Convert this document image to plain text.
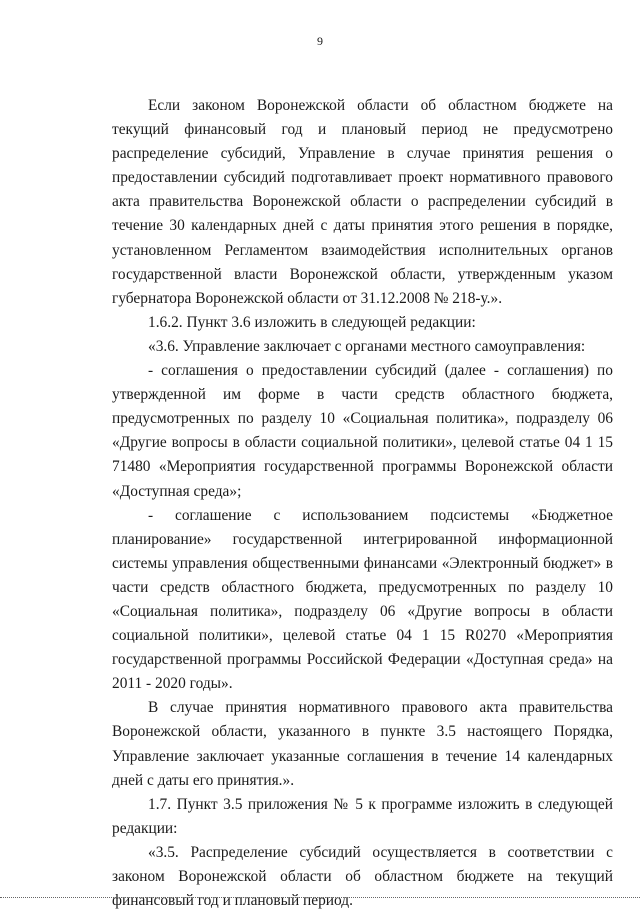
9

Если законом Воронежской области об областном бюджете на текущий финансовый год и плановый период не предусмотрено распределение субсидий, Управление в случае принятия решения о предоставлении субсидий подготавливает проект нормативного правового акта правительства Воронежской области о распределении субсидий в течение 30 календарных дней с даты принятия этого решения в порядке, установленном Регламентом взаимодействия исполнительных органов государственной власти Воронежской области, утвержденным указом губернатора Воронежской области от 31.12.2008 № 218-у.».

1.6.2. Пункт 3.6 изложить в следующей редакции:

«3.6. Управление заключает с органами местного самоуправления:

- соглашения о предоставлении субсидий (далее - соглашения) по утвержденной им форме в части средств областного бюджета, предусмотренных по разделу 10 «Социальная политика», подразделу 06 «Другие вопросы в области социальной политики», целевой статье 04 1 15 71480 «Мероприятия государственной программы Воронежской области «Доступная среда»;

- соглашение с использованием подсистемы «Бюджетное планирование» государственной интегрированной информационной системы управления общественными финансами «Электронный бюджет» в части средств областного бюджета, предусмотренных по разделу 10 «Социальная политика», подразделу 06 «Другие вопросы в области социальной политики», целевой статье 04 1 15 R0270 «Мероприятия государственной программы Российской Федерации «Доступная среда» на 2011 - 2020 годы».

В случае принятия нормативного правового акта правительства Воронежской области, указанного в пункте 3.5 настоящего Порядка, Управление заключает указанные соглашения в течение 14 календарных дней с даты его принятия.».

1.7. Пункт 3.5 приложения № 5 к программе изложить в следующей редакции:

«3.5. Распределение субсидий осуществляется в соответствии с законом Воронежской области об областном бюджете на текущий финансовый год и плановый период.
